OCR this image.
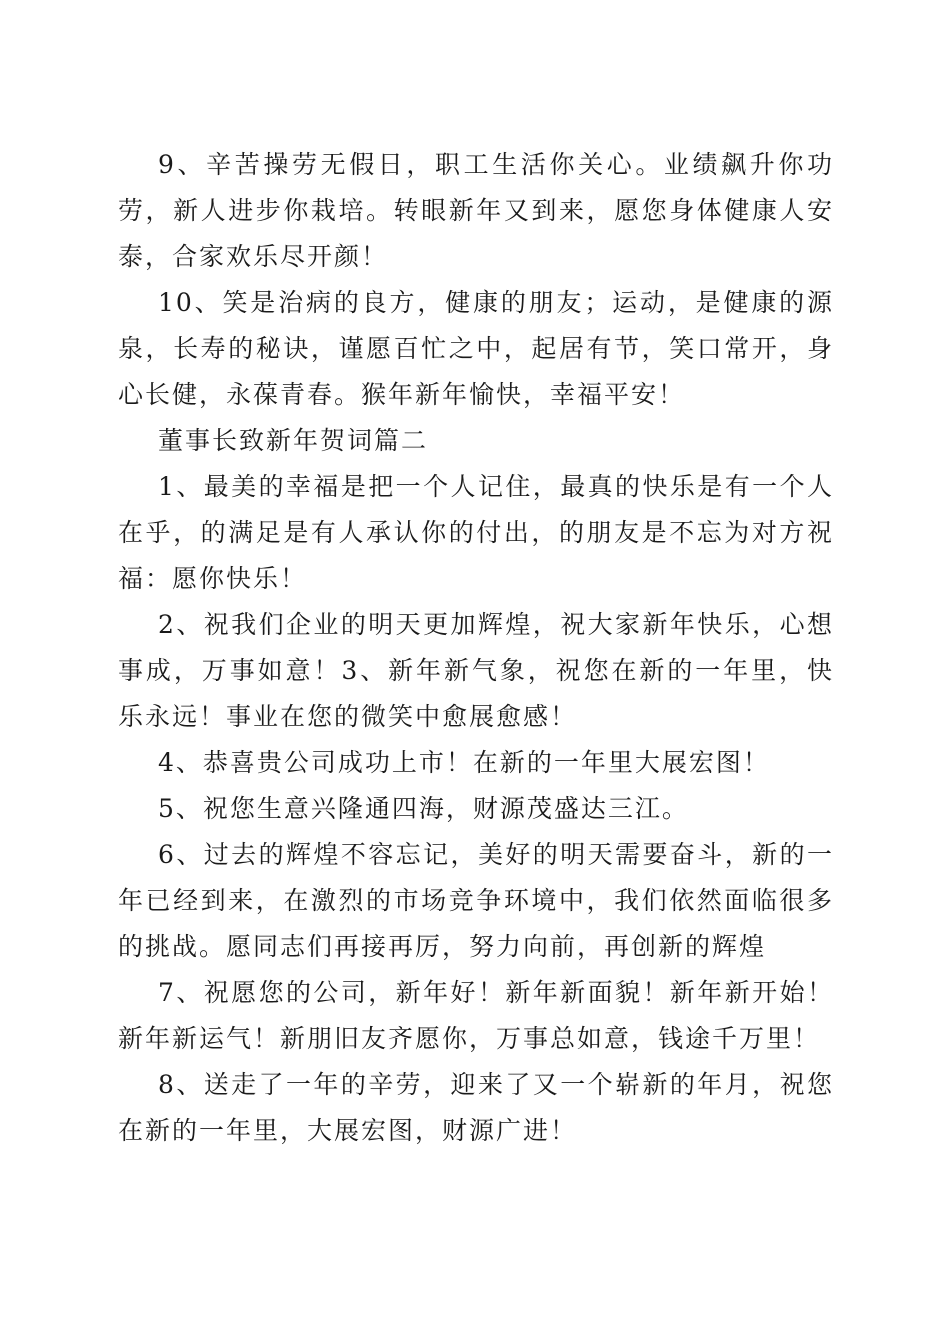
9、辛苦操劳无假日，职工生活你关心。业绩飙升你功劳，新人进步你栽培。转眼新年又到来，愿您身体健康人安泰，合家欢乐尽开颜！

10、笑是治病的良方，健康的朋友；运动，是健康的源泉，长寿的秘诀，谨愿百忙之中，起居有节，笑口常开，身心长健，永葆青春。猴年新年愉快，幸福平安！

董事长致新年贺词篇二

1、最美的幸福是把一个人记住，最真的快乐是有一个人在乎，的满足是有人承认你的付出，的朋友是不忘为对方祝福：愿你快乐！

2、祝我们企业的明天更加辉煌，祝大家新年快乐，心想事成，万事如意！3、新年新气象，祝您在新的一年里，快乐永远！事业在您的微笑中愈展愈感！

4、恭喜贵公司成功上市！在新的一年里大展宏图！

5、祝您生意兴隆通四海，财源茂盛达三江。

6、过去的辉煌不容忘记，美好的明天需要奋斗，新的一年已经到来，在激烈的市场竞争环境中，我们依然面临很多的挑战。愿同志们再接再厉，努力向前，再创新的辉煌

7、祝愿您的公司，新年好！新年新面貌！新年新开始！新年新运气！新朋旧友齐愿你，万事总如意，钱途千万里！

8、送走了一年的辛劳，迎来了又一个崭新的年月，祝您在新的一年里，大展宏图，财源广进！
